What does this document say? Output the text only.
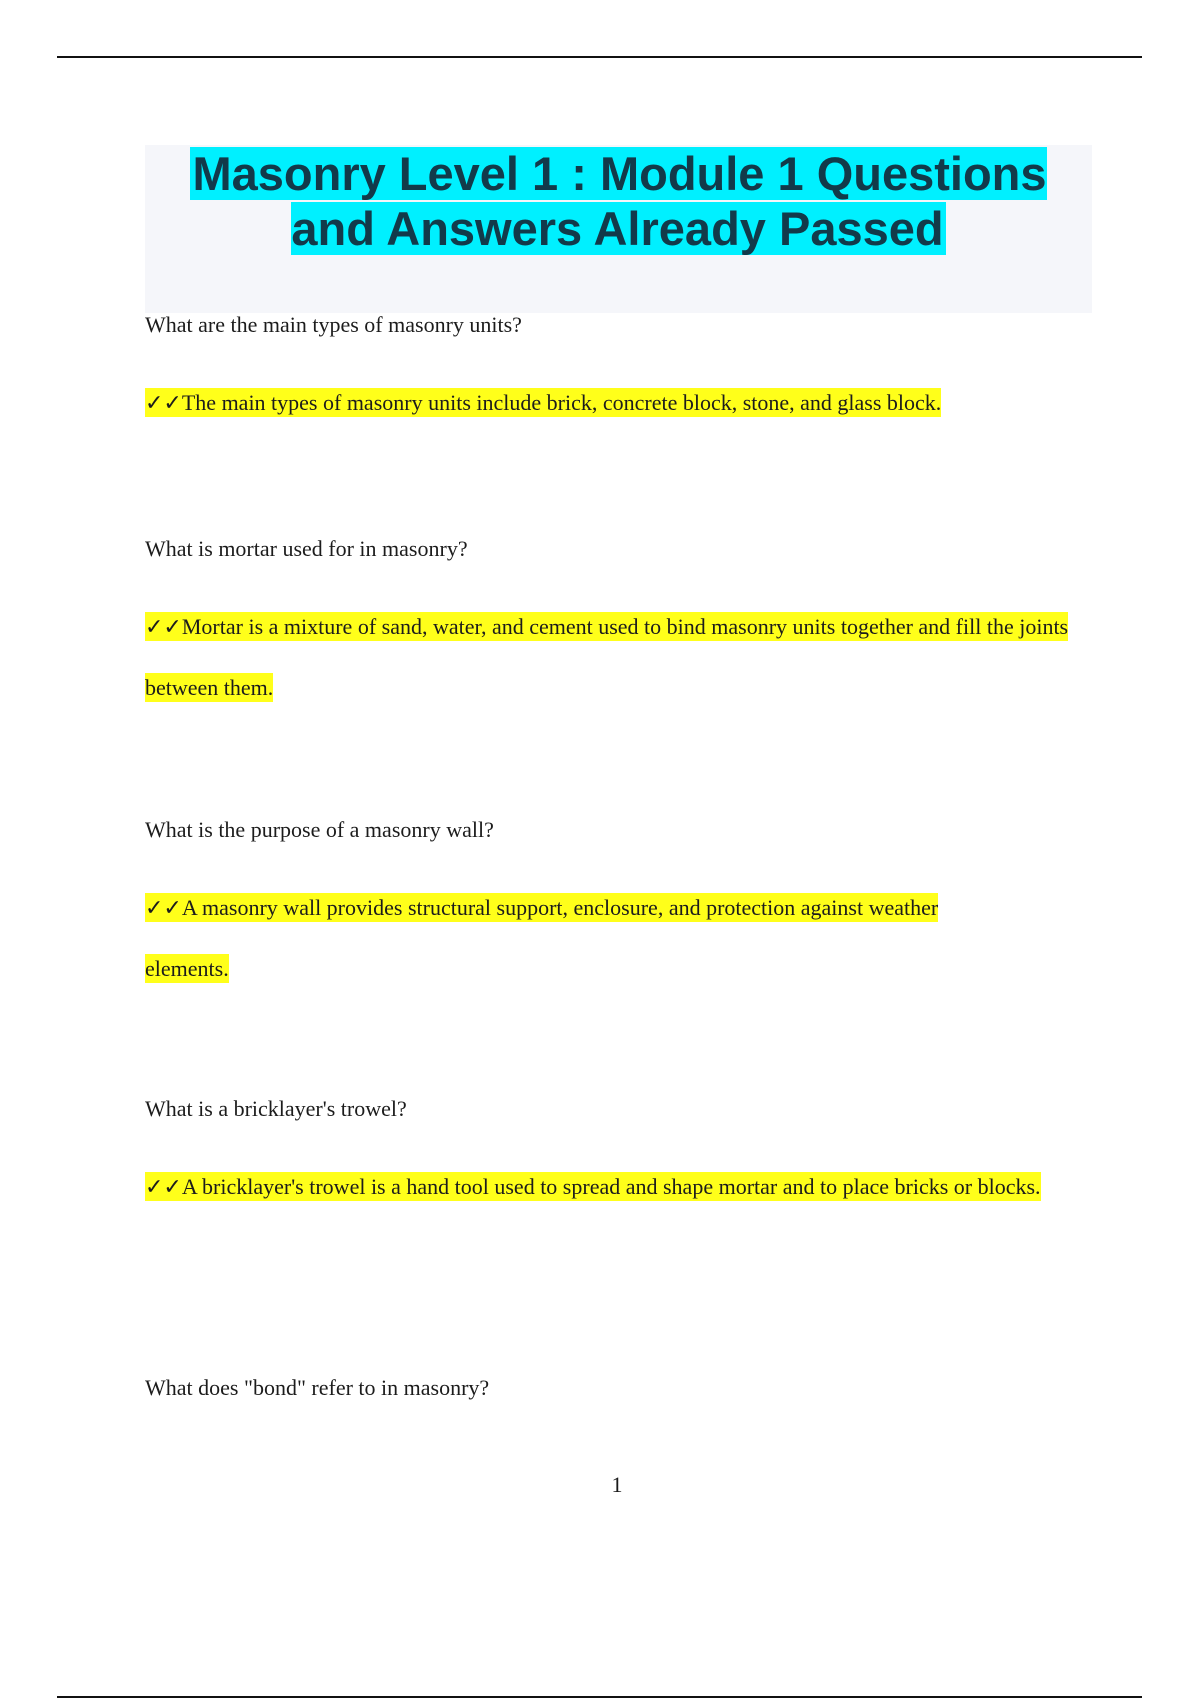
Masonry Level 1 : Module 1 Questions and Answers Already Passed

What are the main types of masonry units?

✓✓The main types of masonry units include brick, concrete block, stone, and glass block.

What is mortar used for in masonry?

✓✓Mortar is a mixture of sand, water, and cement used to bind masonry units together and fill the joints between them.

What is the purpose of a masonry wall?

✓✓A masonry wall provides structural support, enclosure, and protection against weather elements.

What is a bricklayer's trowel?

✓✓A bricklayer's trowel is a hand tool used to spread and shape mortar and to place bricks or blocks.

What does "bond" refer to in masonry?

1
